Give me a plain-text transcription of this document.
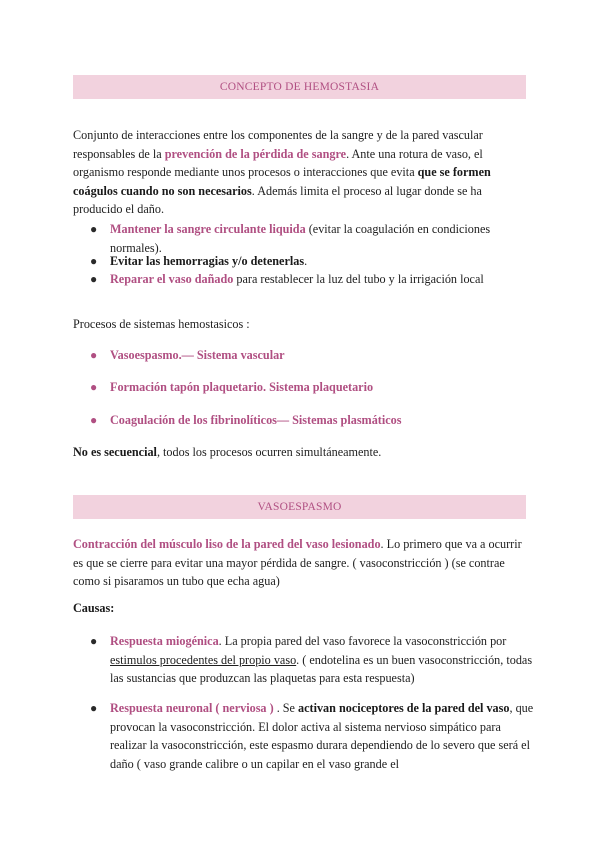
CONCEPTO DE HEMOSTASIA
Conjunto de interacciones entre los componentes de la sangre y de la pared vascular responsables de la prevención de la pérdida de sangre. Ante una rotura de vaso, el organismo responde mediante unos procesos o interacciones que evita que se formen coágulos cuando no son necesarios. Además limita el proceso al lugar donde se ha producido el daño.
● Mantener la sangre circulante liquida (evitar la coagulación en condiciones normales).
● Evitar las hemorragias y/o detenerlas.
● Reparar el vaso dañado para restablecer la luz del tubo y la irrigación local
Procesos de sistemas hemostasicos :
● Vasoespasmo.— Sistema vascular
● Formación tapón plaquetario. Sistema plaquetario
● Coagulación de los fibrinolíticos— Sistemas plasmáticos
No es secuencial, todos los procesos ocurren simultáneamente.
VASOESPASMO
Contracción del músculo liso de la pared del vaso lesionado. Lo primero que va a ocurrir es que se cierre para evitar una mayor pérdida de sangre. ( vasoconstricción ) (se contrae como si pisaramos un tubo que echa agua)
Causas:
● Respuesta miogénica. La propia pared del vaso favorece la vasoconstricción por estimulos procedentes del propio vaso. ( endotelina es un buen vasoconstricción, todas las sustancias que produzcan las plaquetas para esta respuesta)
● Respuesta neuronal ( nerviosa ) . Se activan nociceptores de la pared del vaso, que provocan la vasoconstricción. El dolor activa al sistema nervioso simpático para realizar la vasoconstricción, este espasmo durara dependiendo de lo severo que será el daño ( vaso grande calibre o un capilar en el vaso grande el
